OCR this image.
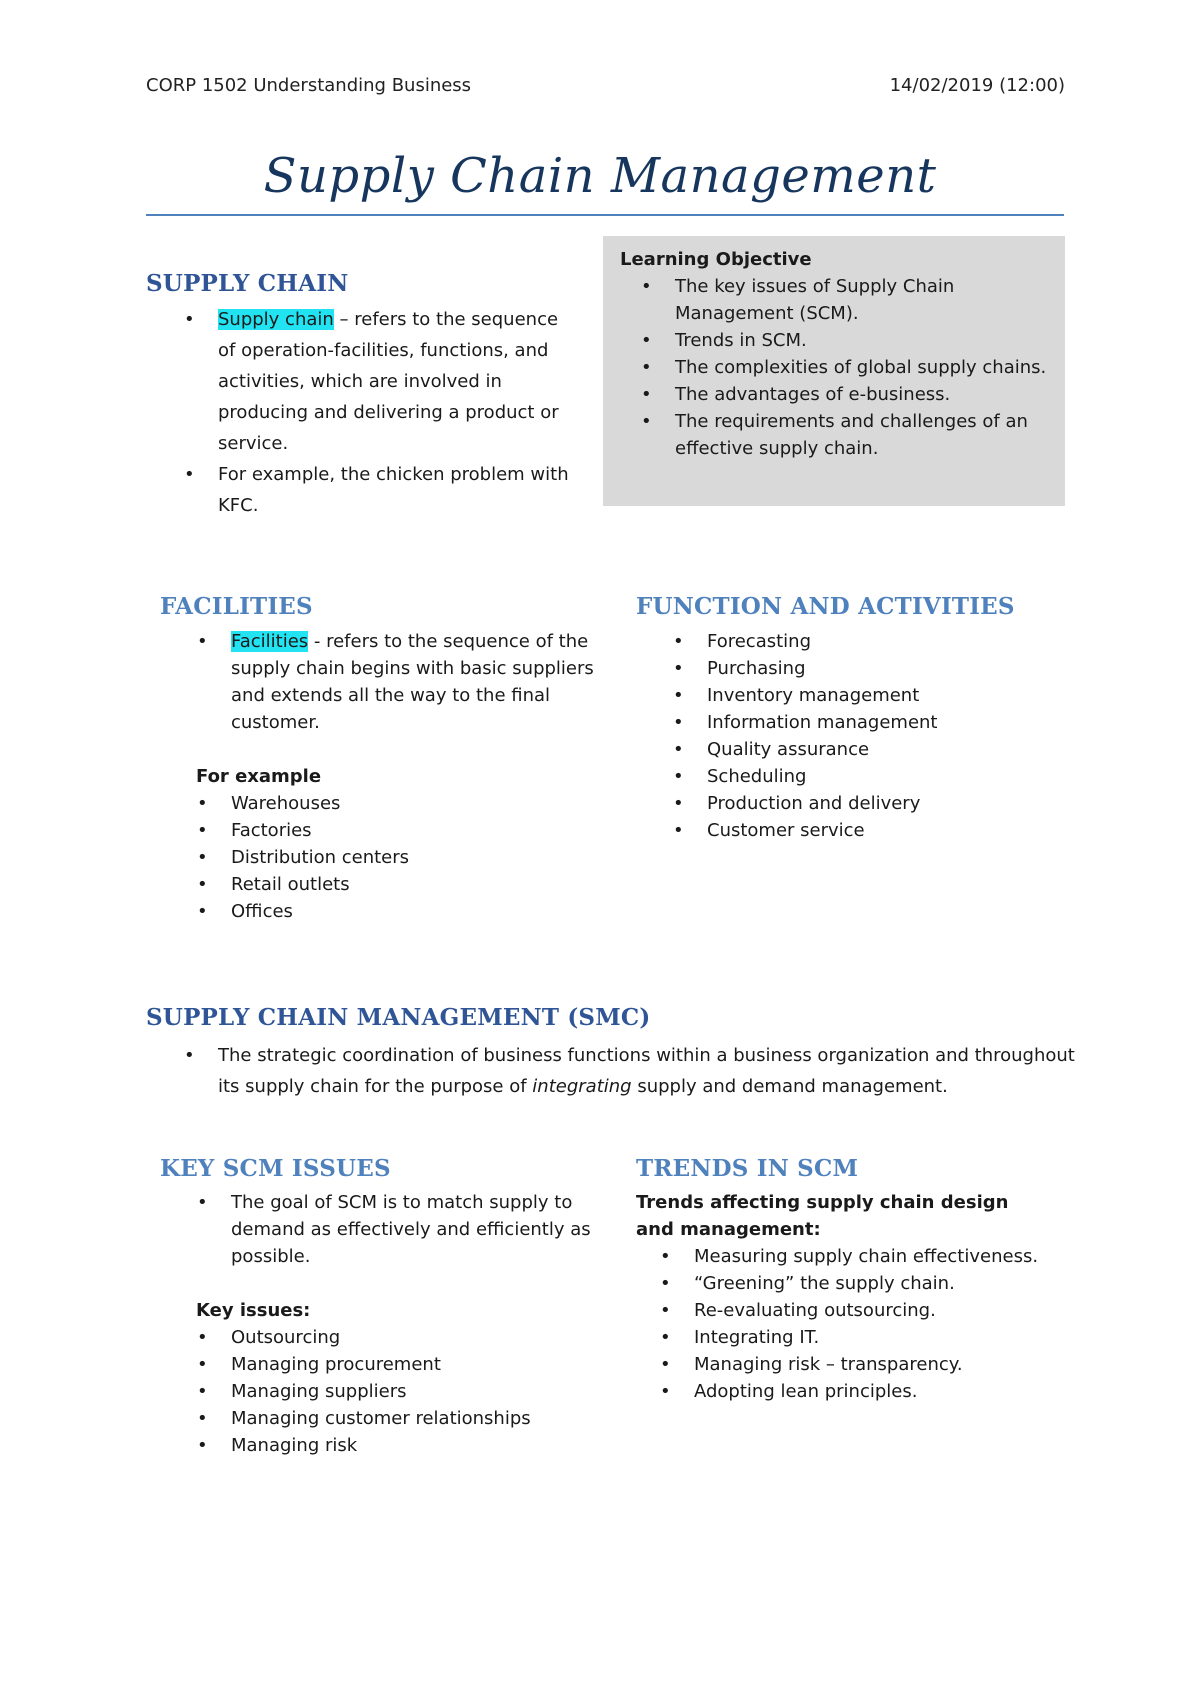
CORP 1502 Understanding Business	14/02/2019 (12:00)
Supply Chain Management
Learning Objective
• The key issues of Supply Chain Management (SCM).
• Trends in SCM.
• The complexities of global supply chains.
• The advantages of e-business.
• The requirements and challenges of an effective supply chain.
SUPPLY CHAIN
• Supply chain – refers to the sequence of operation-facilities, functions, and activities, which are involved in producing and delivering a product or service.
• For example, the chicken problem with KFC.
FACILITIES
• Facilities - refers to the sequence of the supply chain begins with basic suppliers and extends all the way to the final customer.
For example
• Warehouses
• Factories
• Distribution centers
• Retail outlets
• Offices
FUNCTION AND ACTIVITIES
• Forecasting
• Purchasing
• Inventory management
• Information management
• Quality assurance
• Scheduling
• Production and delivery
• Customer service
SUPPLY CHAIN MANAGEMENT (SMC)
• The strategic coordination of business functions within a business organization and throughout its supply chain for the purpose of integrating supply and demand management.
KEY SCM ISSUES
• The goal of SCM is to match supply to demand as effectively and efficiently as possible.
Key issues:
• Outsourcing
• Managing procurement
• Managing suppliers
• Managing customer relationships
• Managing risk
TRENDS IN SCM
Trends affecting supply chain design and management:
• Measuring supply chain effectiveness.
• “Greening” the supply chain.
• Re-evaluating outsourcing.
• Integrating IT.
• Managing risk – transparency.
• Adopting lean principles.
